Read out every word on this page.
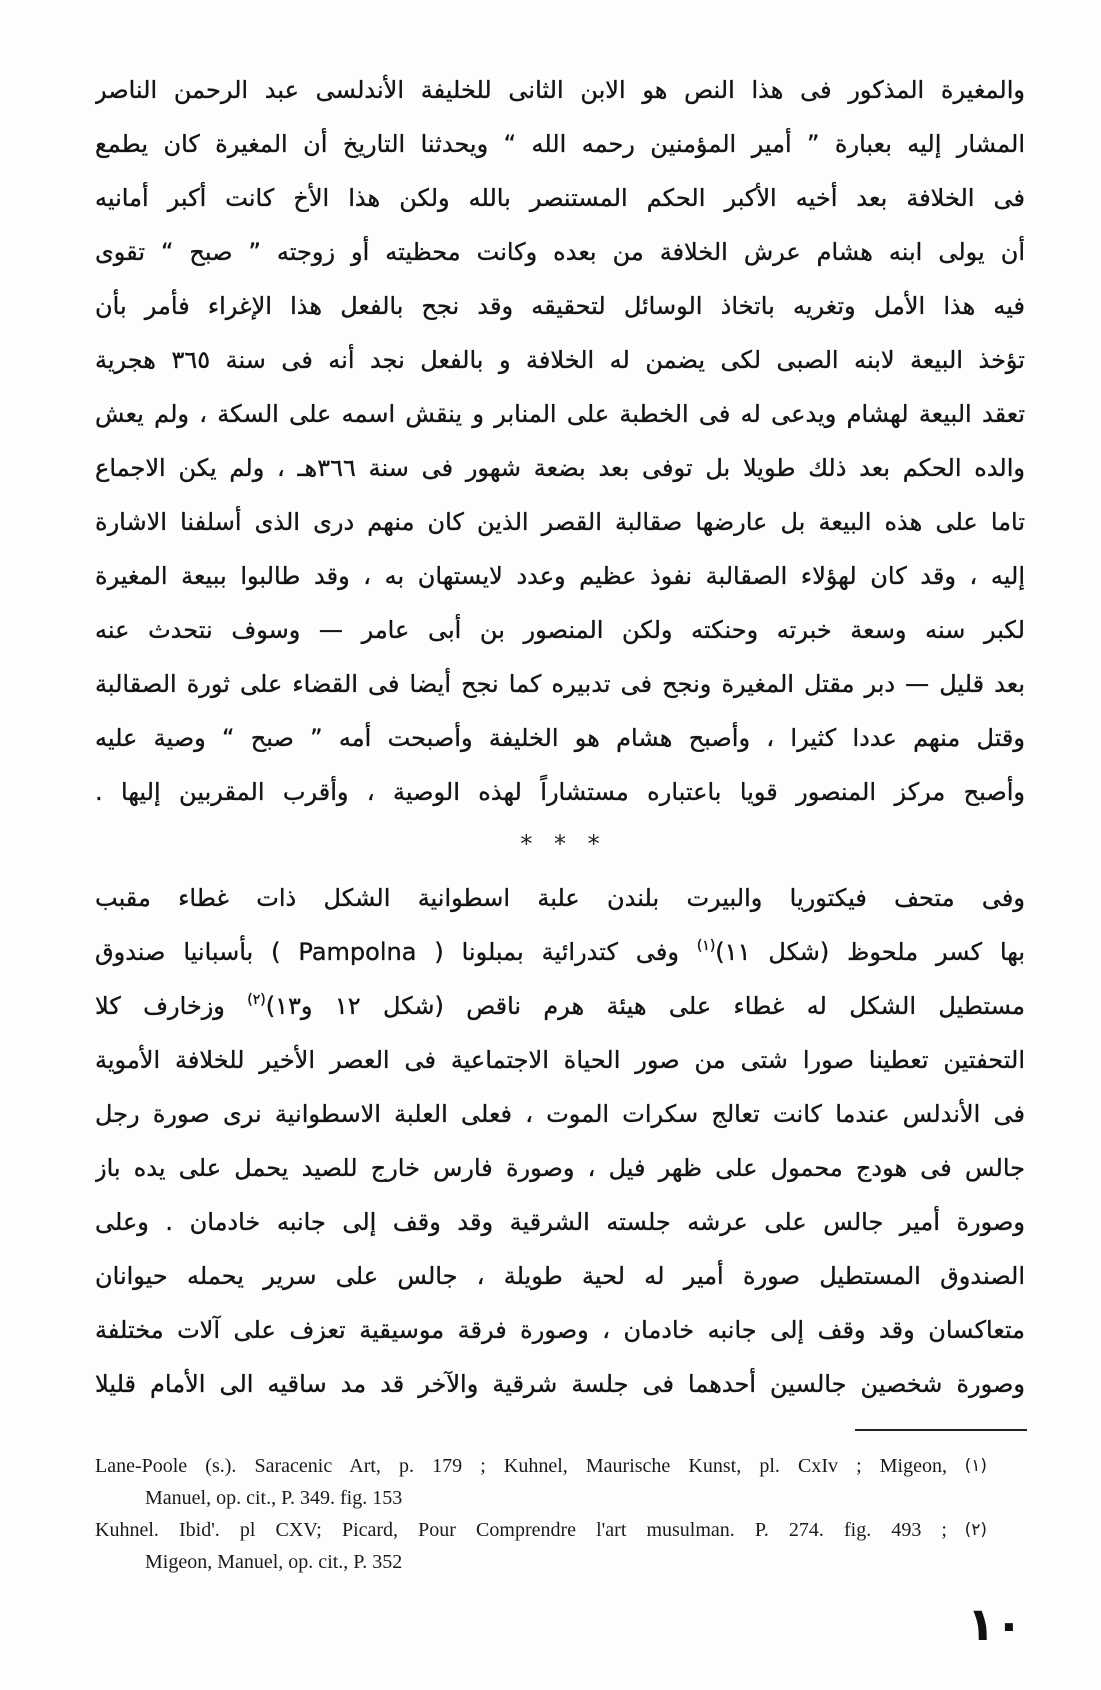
والمغيرة المذكور فى هذا النص هو الابن الثانى للخليفة الأندلسى عبد الرحمن الناصر
المشار إليه بعبارة ” أمير المؤمنين رحمه الله “ ويحدثنا التاريخ أن المغيرة كان يطمع
فى الخلافة بعد أخيه الأكبر الحكم المستنصر بالله ولكن هذا الأخ كانت أكبر أمانيه
أن يولى ابنه هشام عرش الخلافة من بعده وكانت محظيته أو زوجته ” صبح “ تقوى
فيه هذا الأمل وتغريه باتخاذ الوسائل لتحقيقه وقد نجح بالفعل هذا الإغراء فأمر بأن
تؤخذ البيعة لابنه الصبى لكى يضمن له الخلافة و بالفعل نجد أنه فى سنة ٣٦٥ هجرية
تعقد البيعة لهشام ويدعى له فى الخطبة على المنابر و ينقش اسمه على السكة ، ولم يعش
والده الحكم بعد ذلك طويلا بل توفى بعد بضعة شهور فى سنة ٣٦٦هـ ، ولم يكن الاجماع
تاما على هذه البيعة بل عارضها صقالبة القصر الذين كان منهم درى الذى أسلفنا الاشارة
إليه ، وقد كان لهؤلاء الصقالبة نفوذ عظيم وعدد لايستهان به ، وقد طالبوا ببيعة المغيرة
لكبر سنه وسعة خبرته وحنكته ولكن المنصور بن أبى عامر — وسوف نتحدث عنه
بعد قليل — دبر مقتل المغيرة ونجح فى تدبيره كما نجح أيضا فى القضاء على ثورة الصقالبة
وقتل منهم عددا كثيرا ، وأصبح هشام هو الخليفة وأصبحت أمه ” صبح “ وصية عليه
وأصبح مركز المنصور قويا باعتباره مستشاراً لهذه الوصية ، وأقرب المقربين إليها .
* * *
وفى متحف فيكتوريا والبيرت بلندن علبة اسطوانية الشكل ذات غطاء مقبب
بها كسر ملحوظ (شكل ١١)$^{(١)}$ وفى كتدرائية بمبلونا ( Pampolna ) بأسبانيا صندوق
مستطيل الشكل له غطاء على هيئة هرم ناقص (شكل ١٢ و١٣)$^{(٢)}$ وزخارف كلا
التحفتين تعطينا صورا شتى من صور الحياة الاجتماعية فى العصر الأخير للخلافة الأموية
فى الأندلس عندما كانت تعالج سكرات الموت ، فعلى العلبة الاسطوانية نرى صورة رجل
جالس فى هودج محمول على ظهر فيل ، وصورة فارس خارج للصيد يحمل على يده باز
وصورة أمير جالس على عرشه جلسته الشرقية وقد وقف إلى جانبه خادمان . وعلى
الصندوق المستطيل صورة أمير له لحية طويلة ، جالس على سرير يحمله حيوانان
متعاكسان وقد وقف إلى جانبه خادمان ، وصورة فرقة موسيقية تعزف على آلات مختلفة
وصورة شخصين جالسين أحدهما فى جلسة شرقية والآخر قد مد ساقيه الى الأمام قليلا
Lane-Poole (s.). Saracenic Art, p. 179 ; Kuhnel, Maurische Kunst, pl. CxIv ; Migeon,	(١)
Manuel, op. cit., P. 349. fig. 153
Kuhnel. Ibid'. pl CXV; Picard, Pour Comprendre l'art musulman. P. 274. fig. 493 ;	(٢)
Migeon, Manuel, op. cit., P. 352
١٠
